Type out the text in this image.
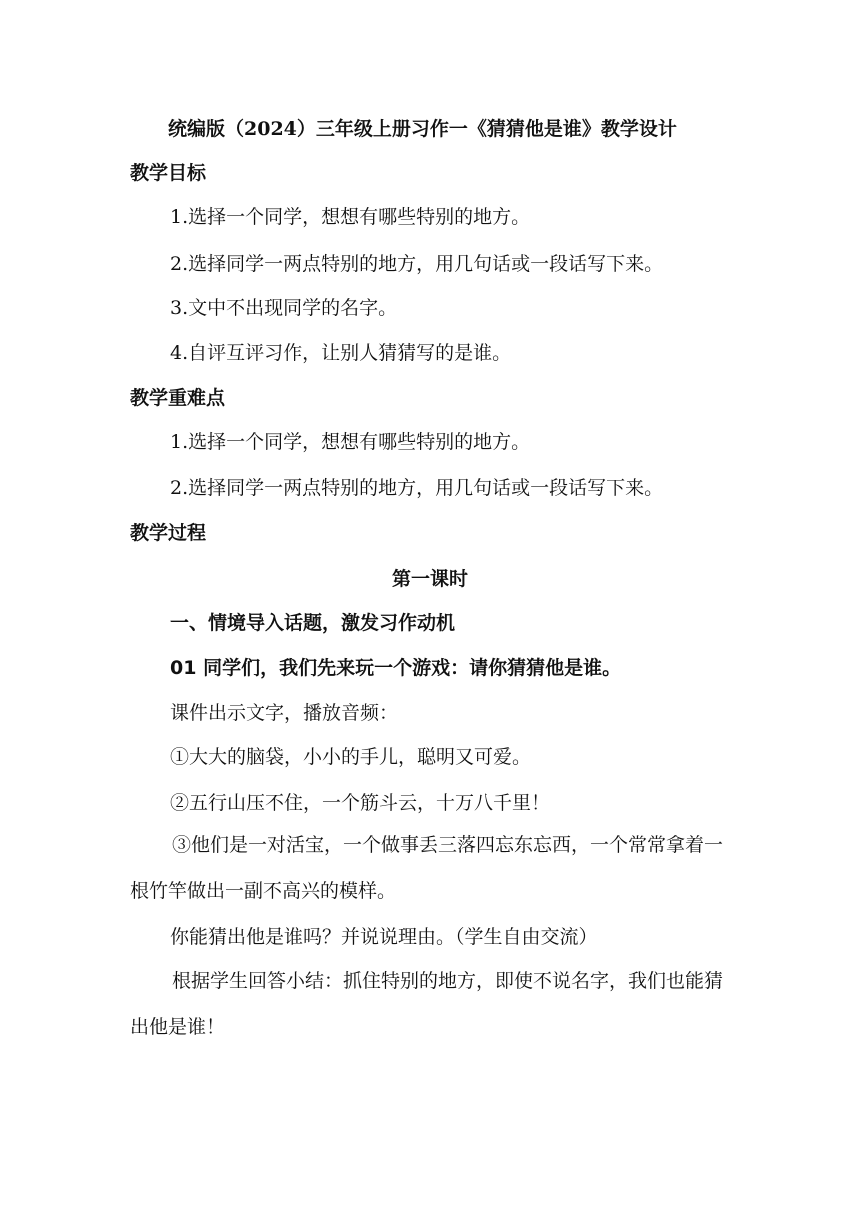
统编版（2024）三年级上册习作一《猜猜他是谁》教学设计
教学目标
1.选择一个同学，想想有哪些特别的地方。
2.选择同学一两点特别的地方，用几句话或一段话写下来。
3.文中不出现同学的名字。
4.自评互评习作，让别人猜猜写的是谁。
教学重难点
1.选择一个同学，想想有哪些特别的地方。
2.选择同学一两点特别的地方，用几句话或一段话写下来。
教学过程
第一课时
一、情境导入话题，激发习作动机
01 同学们，我们先来玩一个游戏：请你猜猜他是谁。
课件出示文字，播放音频：
①大大的脑袋，小小的手儿，聪明又可爱。
②五行山压不住，一个筋斗云，十万八千里！
③他们是一对活宝，一个做事丢三落四忘东忘西，一个常常拿着一根竹竿做出一副不高兴的模样。
你能猜出他是谁吗？并说说理由。（学生自由交流）
根据学生回答小结：抓住特别的地方，即使不说名字，我们也能猜出他是谁！
